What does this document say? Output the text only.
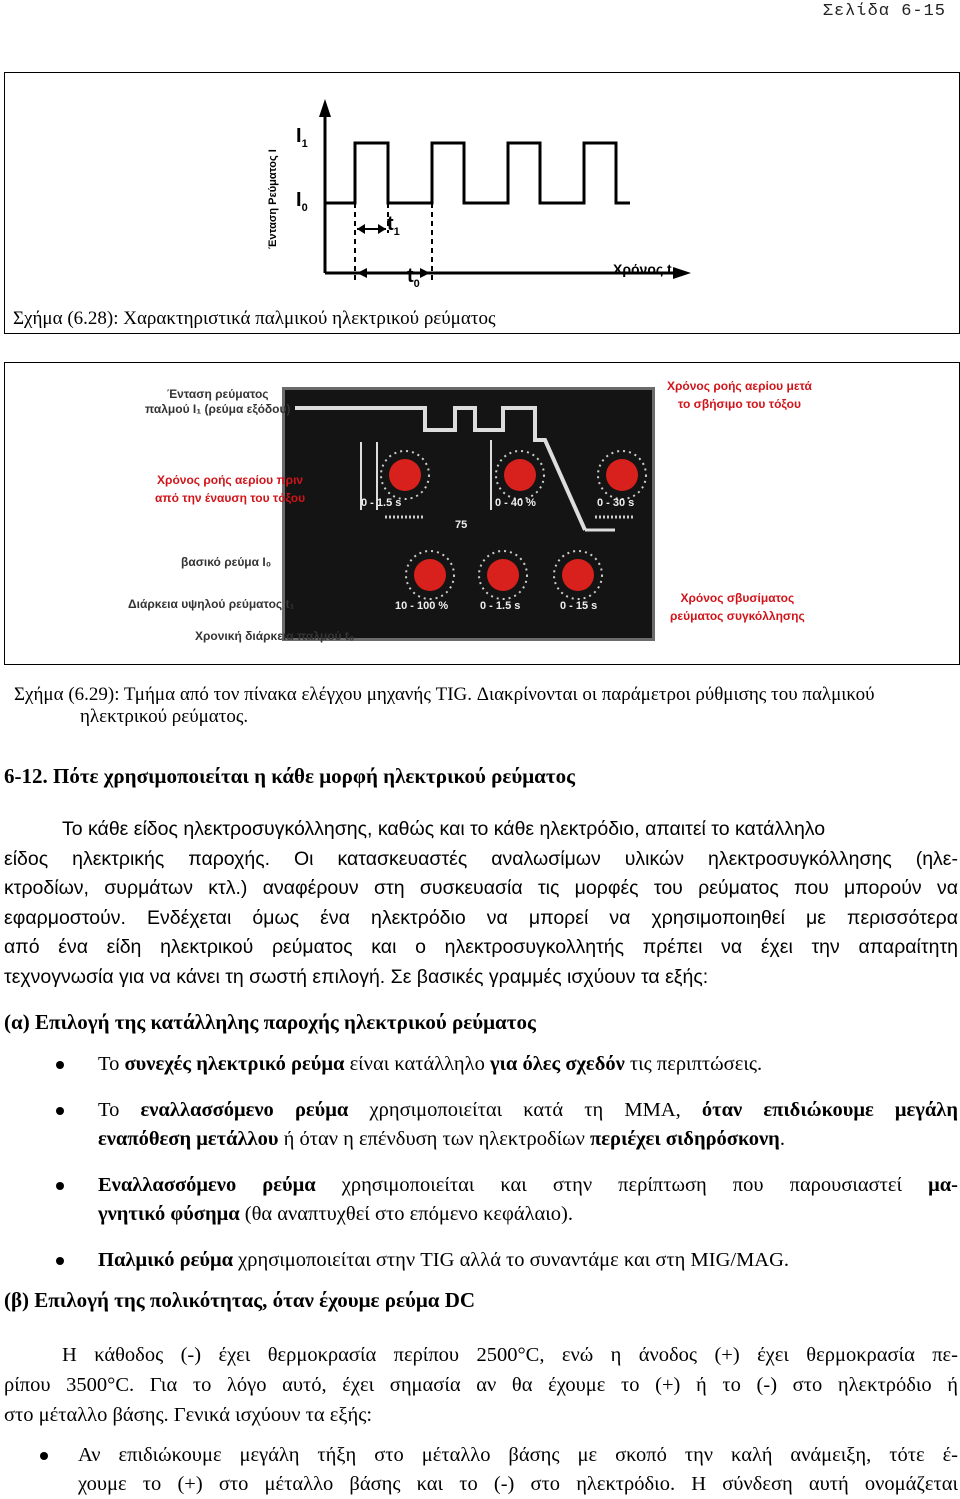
Σελίδα 6-15
Ένταση Ρεύματος I
$I_1$
$I_0$
$t_1$
$t_0$
Χρόνος t
Σχήμα (6.28): Χαρακτηριστικά παλμικού ηλεκτρικού ρεύματος
0 - 1.5 s	0 - 40 %	0 - 30 s
10 - 100 %	0 - 1.5 s	0 - 15 s
75
Ένταση ρεύματος
παλμού I₁ (ρεύμα εξόδου)
Χρόνος ροής αερίου πριν
από την έναυση του τόξου
βασικό ρεύμα I₀
Διάρκεια υψηλού ρεύματος t₁
Χρονική διάρκεια παλμού t₀
Χρόνος ροής αερίου μετά
το σβήσιμο του τόξου
Χρόνος σβυσίματος
ρεύματος συγκόλλησης
Σχήμα (6.29): Τμήμα από τον πίνακα ελέγχου μηχανής TIG. Διακρίνονται οι παράμετροι ρύθμισης του παλμικού
ηλεκτρικού ρεύματος.
6-12. Πότε χρησιμοποιείται η κάθε μορφή ηλεκτρικού ρεύματος
Το κάθε είδος ηλεκτροσυγκόλλησης, καθώς και το κάθε ηλεκτρόδιο, απαιτεί το κατάλληλο
είδος ηλεκτρικής παροχής. Οι κατασκευαστές αναλωσίμων υλικών ηλεκτροσυγκόλλησης (ηλε-
κτροδίων, συρμάτων κτλ.) αναφέρουν στη συσκευασία τις μορφές του ρεύματος που μπορούν να
εφαρμοστούν. Ενδέχεται όμως ένα ηλεκτρόδιο να μπορεί να χρησιμοποιηθεί με περισσότερα
από ένα είδη ηλεκτρικού ρεύματος και ο ηλεκτροσυγκολλητής πρέπει να έχει την απαραίτητη
τεχνογνωσία για να κάνει τη σωστή επιλογή. Σε βασικές γραμμές ισχύουν τα εξής:
(α) Επιλογή της κατάλληλης παροχής ηλεκτρικού ρεύματος
Το συνεχές ηλεκτρικό ρεύμα είναι κατάλληλο για όλες σχεδόν τις περιπτώσεις.
Το εναλλασσόμενο ρεύμα χρησιμοποιείται κατά τη ΜΜΑ, όταν επιδιώκουμε μεγάλη
εναπόθεση μετάλλου ή όταν η επένδυση των ηλεκτροδίων περιέχει σιδηρόσκονη.
Εναλλασσόμενο ρεύμα χρησιμοποιείται και στην περίπτωση που παρουσιαστεί μα-
γνητικό φύσημα (θα αναπτυχθεί στο επόμενο κεφάλαιο).
Παλμικό ρεύμα χρησιμοποιείται στην TIG αλλά το συναντάμε και στη MIG/MAG.
(β) Επιλογή της πολικότητας, όταν έχουμε ρεύμα DC
Η κάθοδος (-) έχει θερμοκρασία περίπου 2500°C, ενώ η άνοδος (+) έχει θερμοκρασία πε-
ρίπου 3500°C. Για το λόγο αυτό, έχει σημασία αν θα έχουμε το (+) ή το (-) στο ηλεκτρόδιο ή
στο μέταλλο βάσης. Γενικά ισχύουν τα εξής:
Αν επιδιώκουμε μεγάλη τήξη στο μέταλλο βάσης με σκοπό την καλή ανάμειξη, τότε έ-
χουμε το (+) στο μέταλλο βάσης και το (-) στο ηλεκτρόδιο. Η σύνδεση αυτή ονομάζεται
